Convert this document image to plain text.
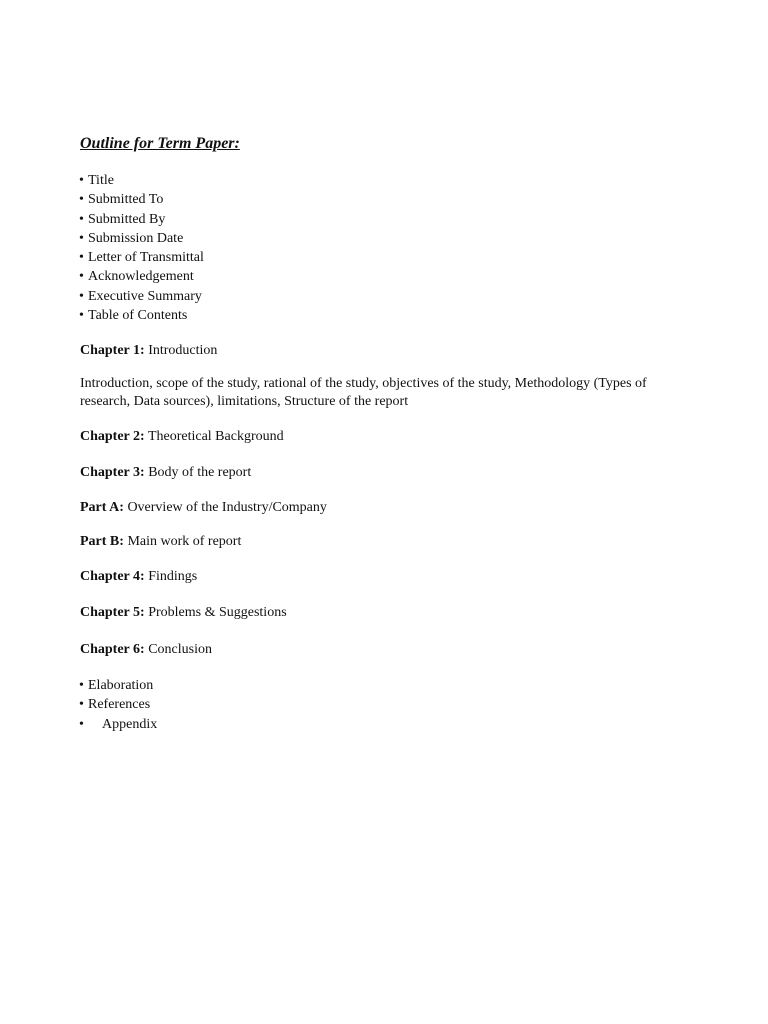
Outline for Term Paper:
• Title
• Submitted To
• Submitted By
• Submission Date
• Letter of Transmittal
• Acknowledgement
• Executive Summary
• Table of Contents
Chapter 1: Introduction
Introduction, scope of the study, rational of the study, objectives of the study, Methodology (Types of research, Data sources), limitations, Structure of the report
Chapter 2: Theoretical Background
Chapter 3: Body of the report
Part A: Overview of the Industry/Company
Part B: Main work of report
Chapter 4: Findings
Chapter 5: Problems & Suggestions
Chapter 6: Conclusion
• Elaboration
• References
• Appendix
